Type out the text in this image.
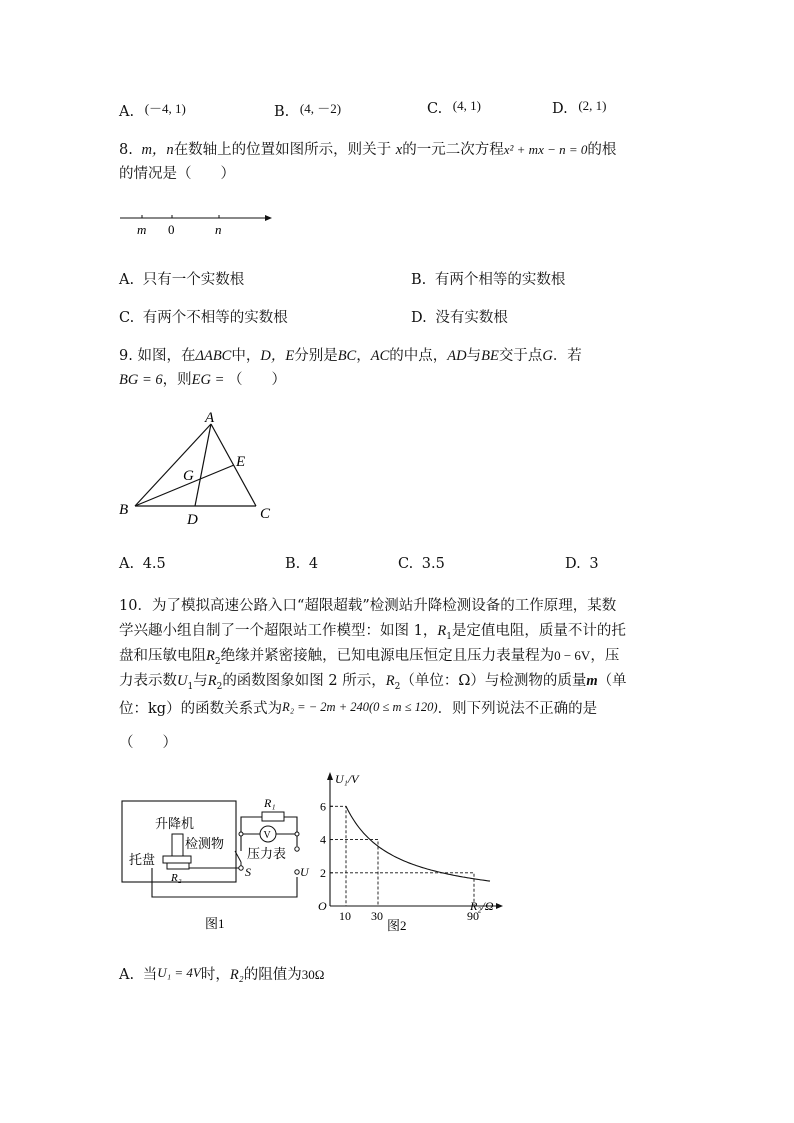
A. (－4, 1)	B. (4, －2)	C. (4, 1)	D. (2, 1)
8. m，n在数轴上的位置如图所示，则关于 x的一元二次方程x² + mx − n = 0的根
的情况是（　　）
m 0	n
A. 只有一个实数根	B. 有两个相等的实数根
C. 有两个不相等的实数根	D. 没有实数根
9. 如图，在ΔABC中，D，E分别是BC，AC的中点，AD与BE交于点G．若
BG = 6，则EG = （　　）
A
B	C
D
E
G
A. 4.5	B. 4	C. 3.5	D. 3
10．为了模拟高速公路入口“超限超载”检测站升降检测设备的工作原理，某数
学兴趣小组自制了一个超限站工作模型：如图 1，$R_1$是定值电阻，质量不计的托
盘和压敏电阻$R_2$绝缘并紧密接触，已知电源电压恒定且压力表量程为0 − 6V，压
力表示数$U_1$与$R_2$的函数图象如图 2 所示，$R_2$（单位：Ω）与检测物的质量m（单
位：kg）的函数关系式为R₂ = − 2m + 240(0 ≤ m ≤ 120)．则下列说法不正确的是
（　　）
升降机
检测物
托盘
R₂	S
R₁
V
压力表
U
图1
U₁/V
R₂/Ω
O
2
4
6
10 30	90
图2
A. 当U₁ = 4V时，R₂的阻值为30Ω
